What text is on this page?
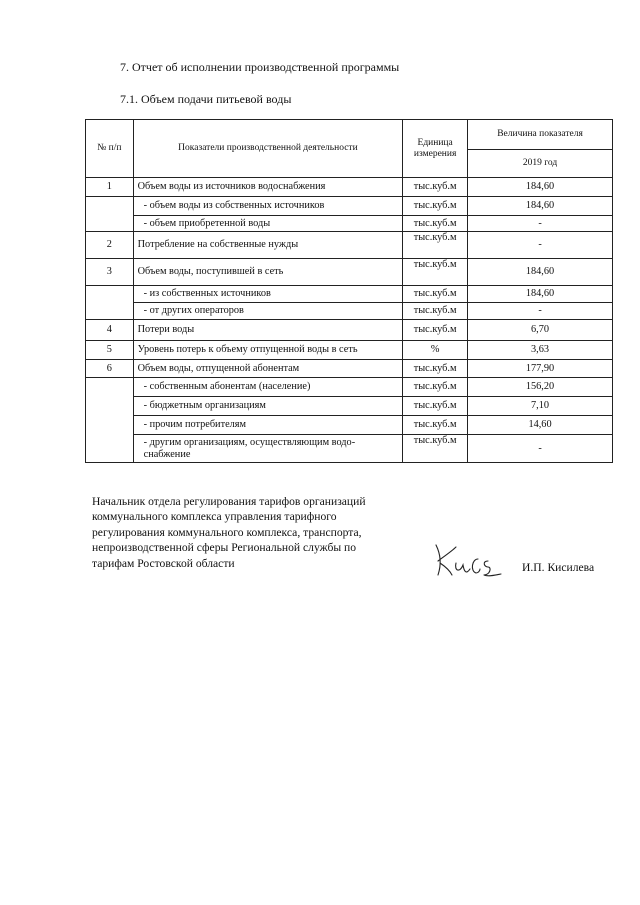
7. Отчет об исполнении производственной программы
7.1. Объем подачи питьевой воды
№ п/п	Показатели производственной деятельности	Единица измерения	Величина показателя
			2019 год
1	Объем воды из источников водоснабжения	тыс.куб.м	184,60
	- объем воды из собственных источников	тыс.куб.м	184,60
	- объем приобретенной воды	тыс.куб.м	-
2	Потребление на собственные нужды	тыс.куб.м	-
3	Объем воды, поступившей в сеть	тыс.куб.м	184,60
	- из собственных источников	тыс.куб.м	184,60
	- от других операторов	тыс.куб.м	-
4	Потери воды	тыс.куб.м	6,70
5	Уровень потерь к объему отпущенной воды в сеть	%	3,63
6	Объем воды, отпущенной абонентам	тыс.куб.м	177,90
	- собственным абонентам (население)	тыс.куб.м	156,20
	- бюджетным организациям	тыс.куб.м	7,10
	- прочим потребителям	тыс.куб.м	14,60
	- другим организациям, осуществляющим водо-снабжение	тыс.куб.м	-
Начальник отдела регулирования тарифов организаций
коммунального комплекса управления тарифного
регулирования коммунального комплекса, транспорта,
непроизводственной сферы Региональной службы по
тарифам Ростовской области	И.П. Кисилева
